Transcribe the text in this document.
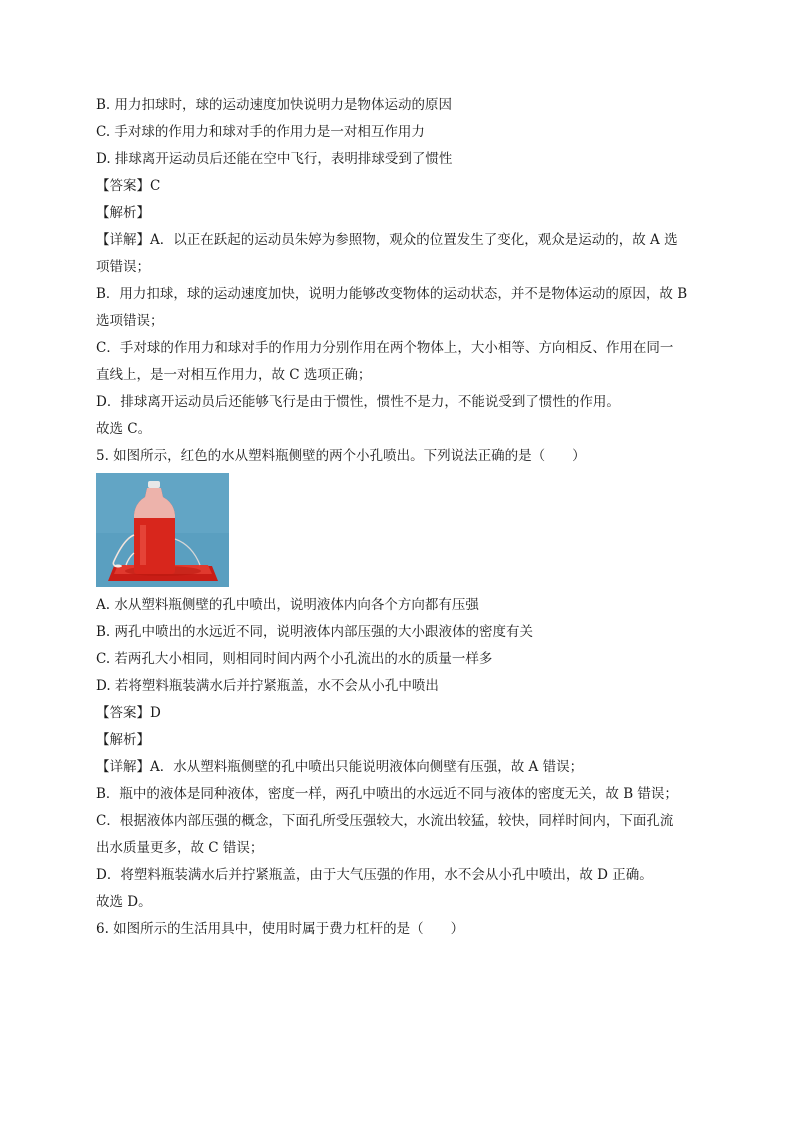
B. 用力扣球时，球的运动速度加快说明力是物体运动的原因
C. 手对球的作用力和球对手的作用力是一对相互作用力
D. 排球离开运动员后还能在空中飞行，表明排球受到了惯性
【答案】C
【解析】
【详解】A．以正在跃起的运动员朱婷为参照物，观众的位置发生了变化，观众是运动的，故 A 选
项错误；
B．用力扣球，球的运动速度加快，说明力能够改变物体的运动状态，并不是物体运动的原因，故 B
选项错误；
C．手对球的作用力和球对手的作用力分别作用在两个物体上，大小相等、方向相反、作用在同一
直线上，是一对相互作用力，故 C 选项正确；
D．排球离开运动员后还能够飞行是由于惯性，惯性不是力，不能说受到了惯性的作用。
故选 C。
5. 如图所示，红色的水从塑料瓶侧壁的两个小孔喷出。下列说法正确的是（　　）
A. 水从塑料瓶侧壁的孔中喷出，说明液体内向各个方向都有压强
B. 两孔中喷出的水远近不同，说明液体内部压强的大小跟液体的密度有关
C. 若两孔大小相同，则相同时间内两个小孔流出的水的质量一样多
D. 若将塑料瓶装满水后并拧紧瓶盖，水不会从小孔中喷出
【答案】D
【解析】
【详解】A．水从塑料瓶侧壁的孔中喷出只能说明液体向侧壁有压强，故 A 错误；
B．瓶中的液体是同种液体，密度一样，两孔中喷出的水远近不同与液体的密度无关，故 B 错误；
C．根据液体内部压强的概念，下面孔所受压强较大，水流出较猛，较快，同样时间内，下面孔流
出水质量更多，故 C 错误；
D．将塑料瓶装满水后并拧紧瓶盖，由于大气压强的作用，水不会从小孔中喷出，故 D 正确。
故选 D。
6. 如图所示的生活用具中，使用时属于费力杠杆的是（　　）
